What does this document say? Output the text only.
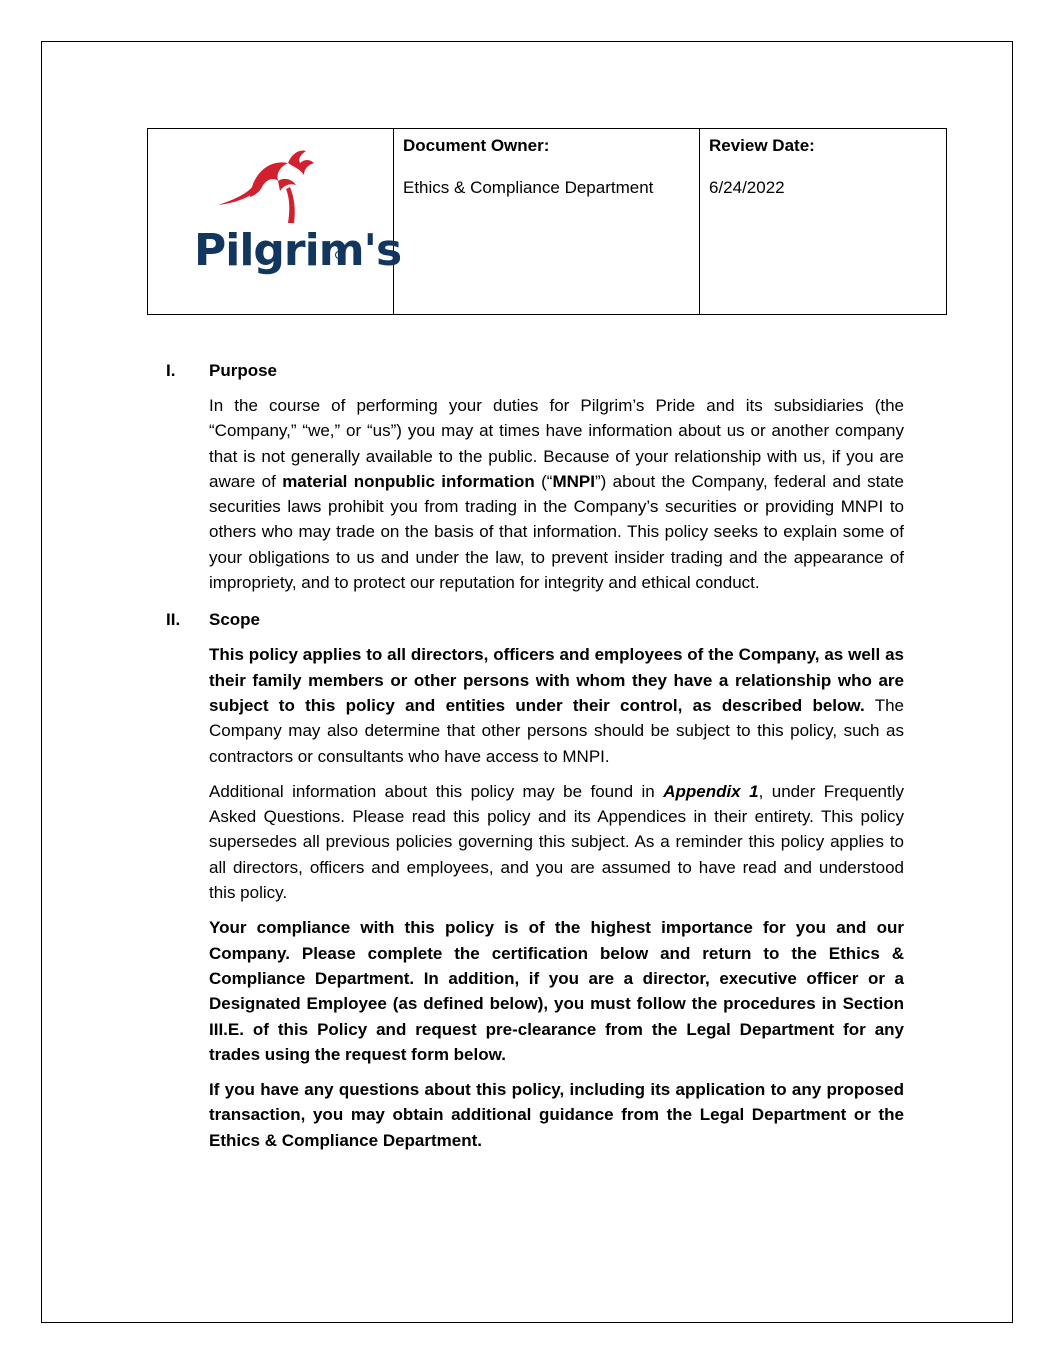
Pilgrim's
Document Owner:
Ethics & Compliance Department
Review Date:
6/24/2022
I.	Purpose

In the course of performing your duties for Pilgrim’s Pride and its subsidiaries (the “Company,” “we,” or “us”) you may at times have information about us or another company that is not generally available to the public. Because of your relationship with us, if you are aware of material nonpublic information (“MNPI”) about the Company, federal and state securities laws prohibit you from trading in the Company’s securities or providing MNPI to others who may trade on the basis of that information. This policy seeks to explain some of your obligations to us and under the law, to prevent insider trading and the appearance of impropriety, and to protect our reputation for integrity and ethical conduct.

II.	Scope

This policy applies to all directors, officers and employees of the Company, as well as their family members or other persons with whom they have a relationship who are subject to this policy and entities under their control, as described below. The Company may also determine that other persons should be subject to this policy, such as contractors or consultants who have access to MNPI.

Additional information about this policy may be found in Appendix 1, under Frequently Asked Questions. Please read this policy and its Appendices in their entirety. This policy supersedes all previous policies governing this subject. As a reminder this policy applies to all directors, officers and employees, and you are assumed to have read and understood this policy.

Your compliance with this policy is of the highest importance for you and our Company. Please complete the certification below and return to the Ethics & Compliance Department. In addition, if you are a director, executive officer or a Designated Employee (as defined below), you must follow the procedures in Section III.E. of this Policy and request pre-clearance from the Legal Department for any trades using the request form below.

If you have any questions about this policy, including its application to any proposed transaction, you may obtain additional guidance from the Legal Department or the Ethics & Compliance Department.
